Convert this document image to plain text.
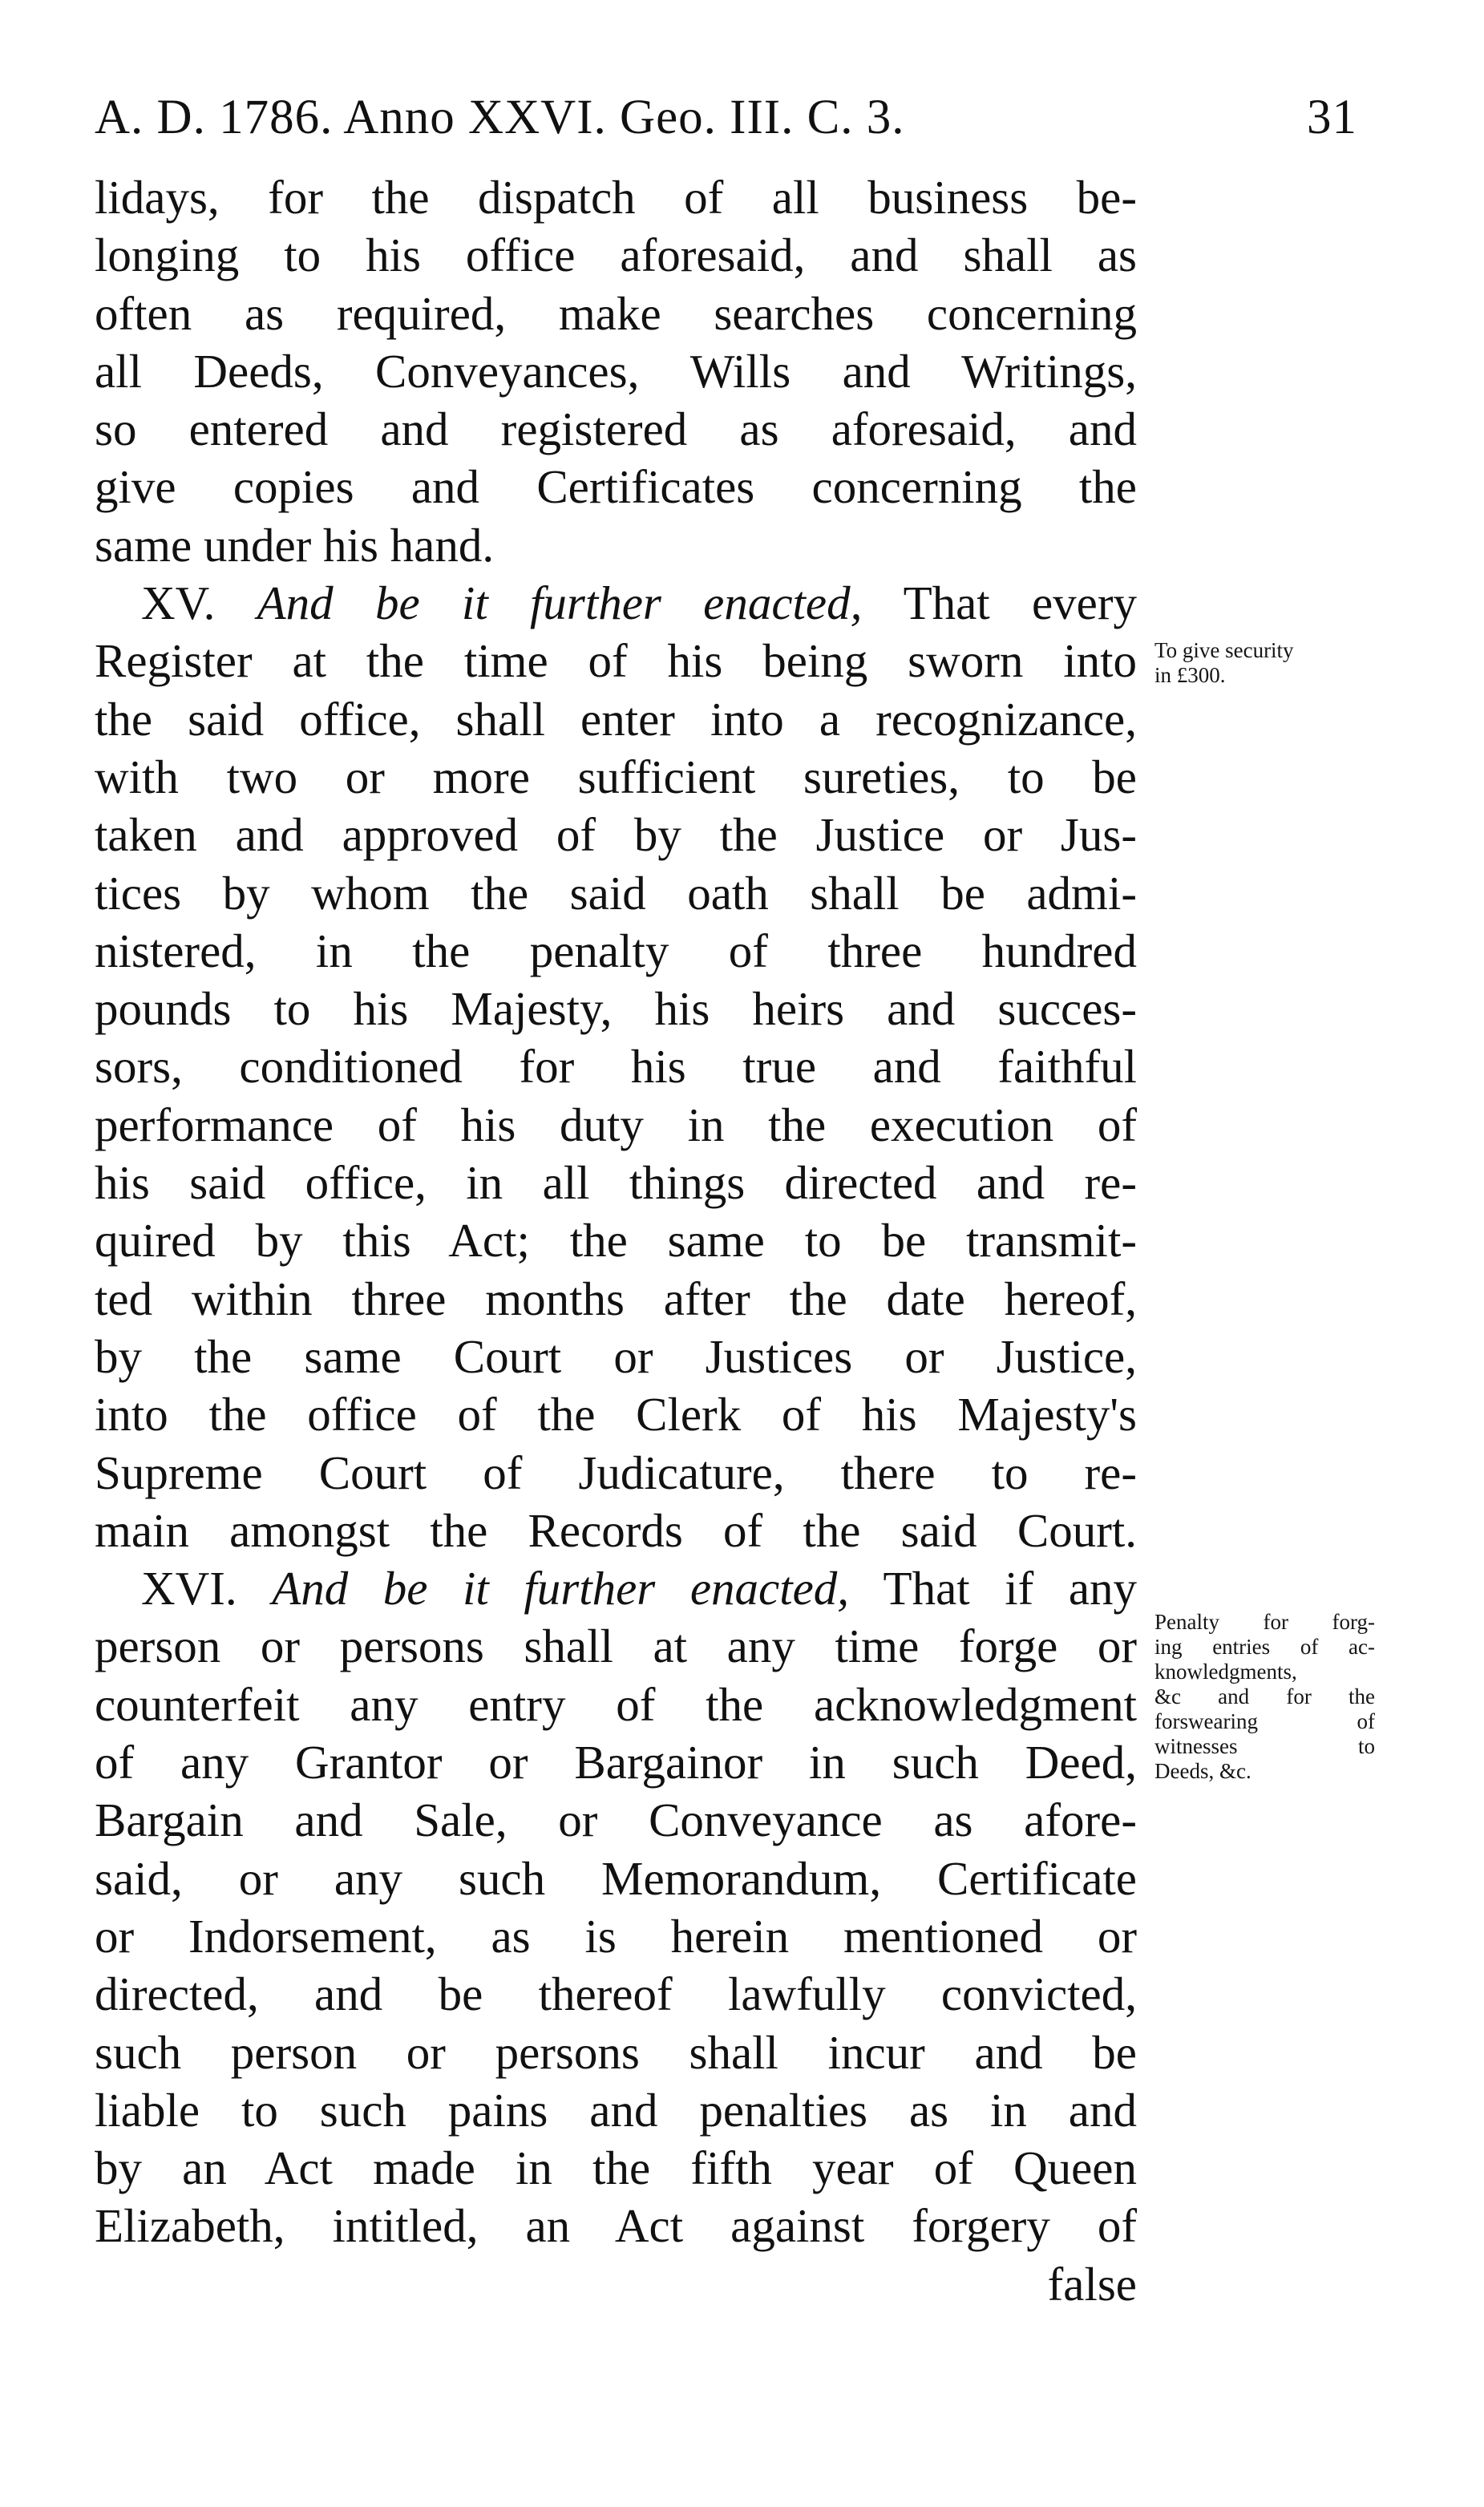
A. D. 1786. Anno XXVI. Geo. III. C. 3.	31
lidays, for the dispatch of all business be-
longing to his office aforesaid, and shall as
often as required, make searches concerning
all Deeds, Conveyances, Wills and Writings,
so entered and registered as aforesaid, and
give copies and Certificates concerning the
same under his hand.
XV. And be it further enacted, That every
Register at the time of his being sworn into
the said office, shall enter into a recognizance,
with two or more sufficient sureties, to be
taken and approved of by the Justice or Jus-
tices by whom the said oath shall be admi-
nistered, in the penalty of three hundred
pounds to his Majesty, his heirs and succes-
sors, conditioned for his true and faithful
performance of his duty in the execution of
his said office, in all things directed and re-
quired by this Act; the same to be transmit-
ted within three months after the date hereof,
by the same Court or Justices or Justice,
into the office of the Clerk of his Majesty's
Supreme Court of Judicature, there to re-
main amongst the Records of the said Court.
XVI. And be it further enacted, That if any
person or persons shall at any time forge or
counterfeit any entry of the acknowledgment
of any Grantor or Bargainor in such Deed,
Bargain and Sale, or Conveyance as afore-
said, or any such Memorandum, Certificate
or Indorsement, as is herein mentioned or
directed, and be thereof lawfully convicted,
such person or persons shall incur and be
liable to such pains and penalties as in and
by an Act made in the fifth year of Queen
Elizabeth, intitled, an Act against forgery of
false
To give security
in £300.
Penalty for forg-
ing entries of ac-
knowledgments,
&c and for the
forswearing of
witnesses to
Deeds, &c.
